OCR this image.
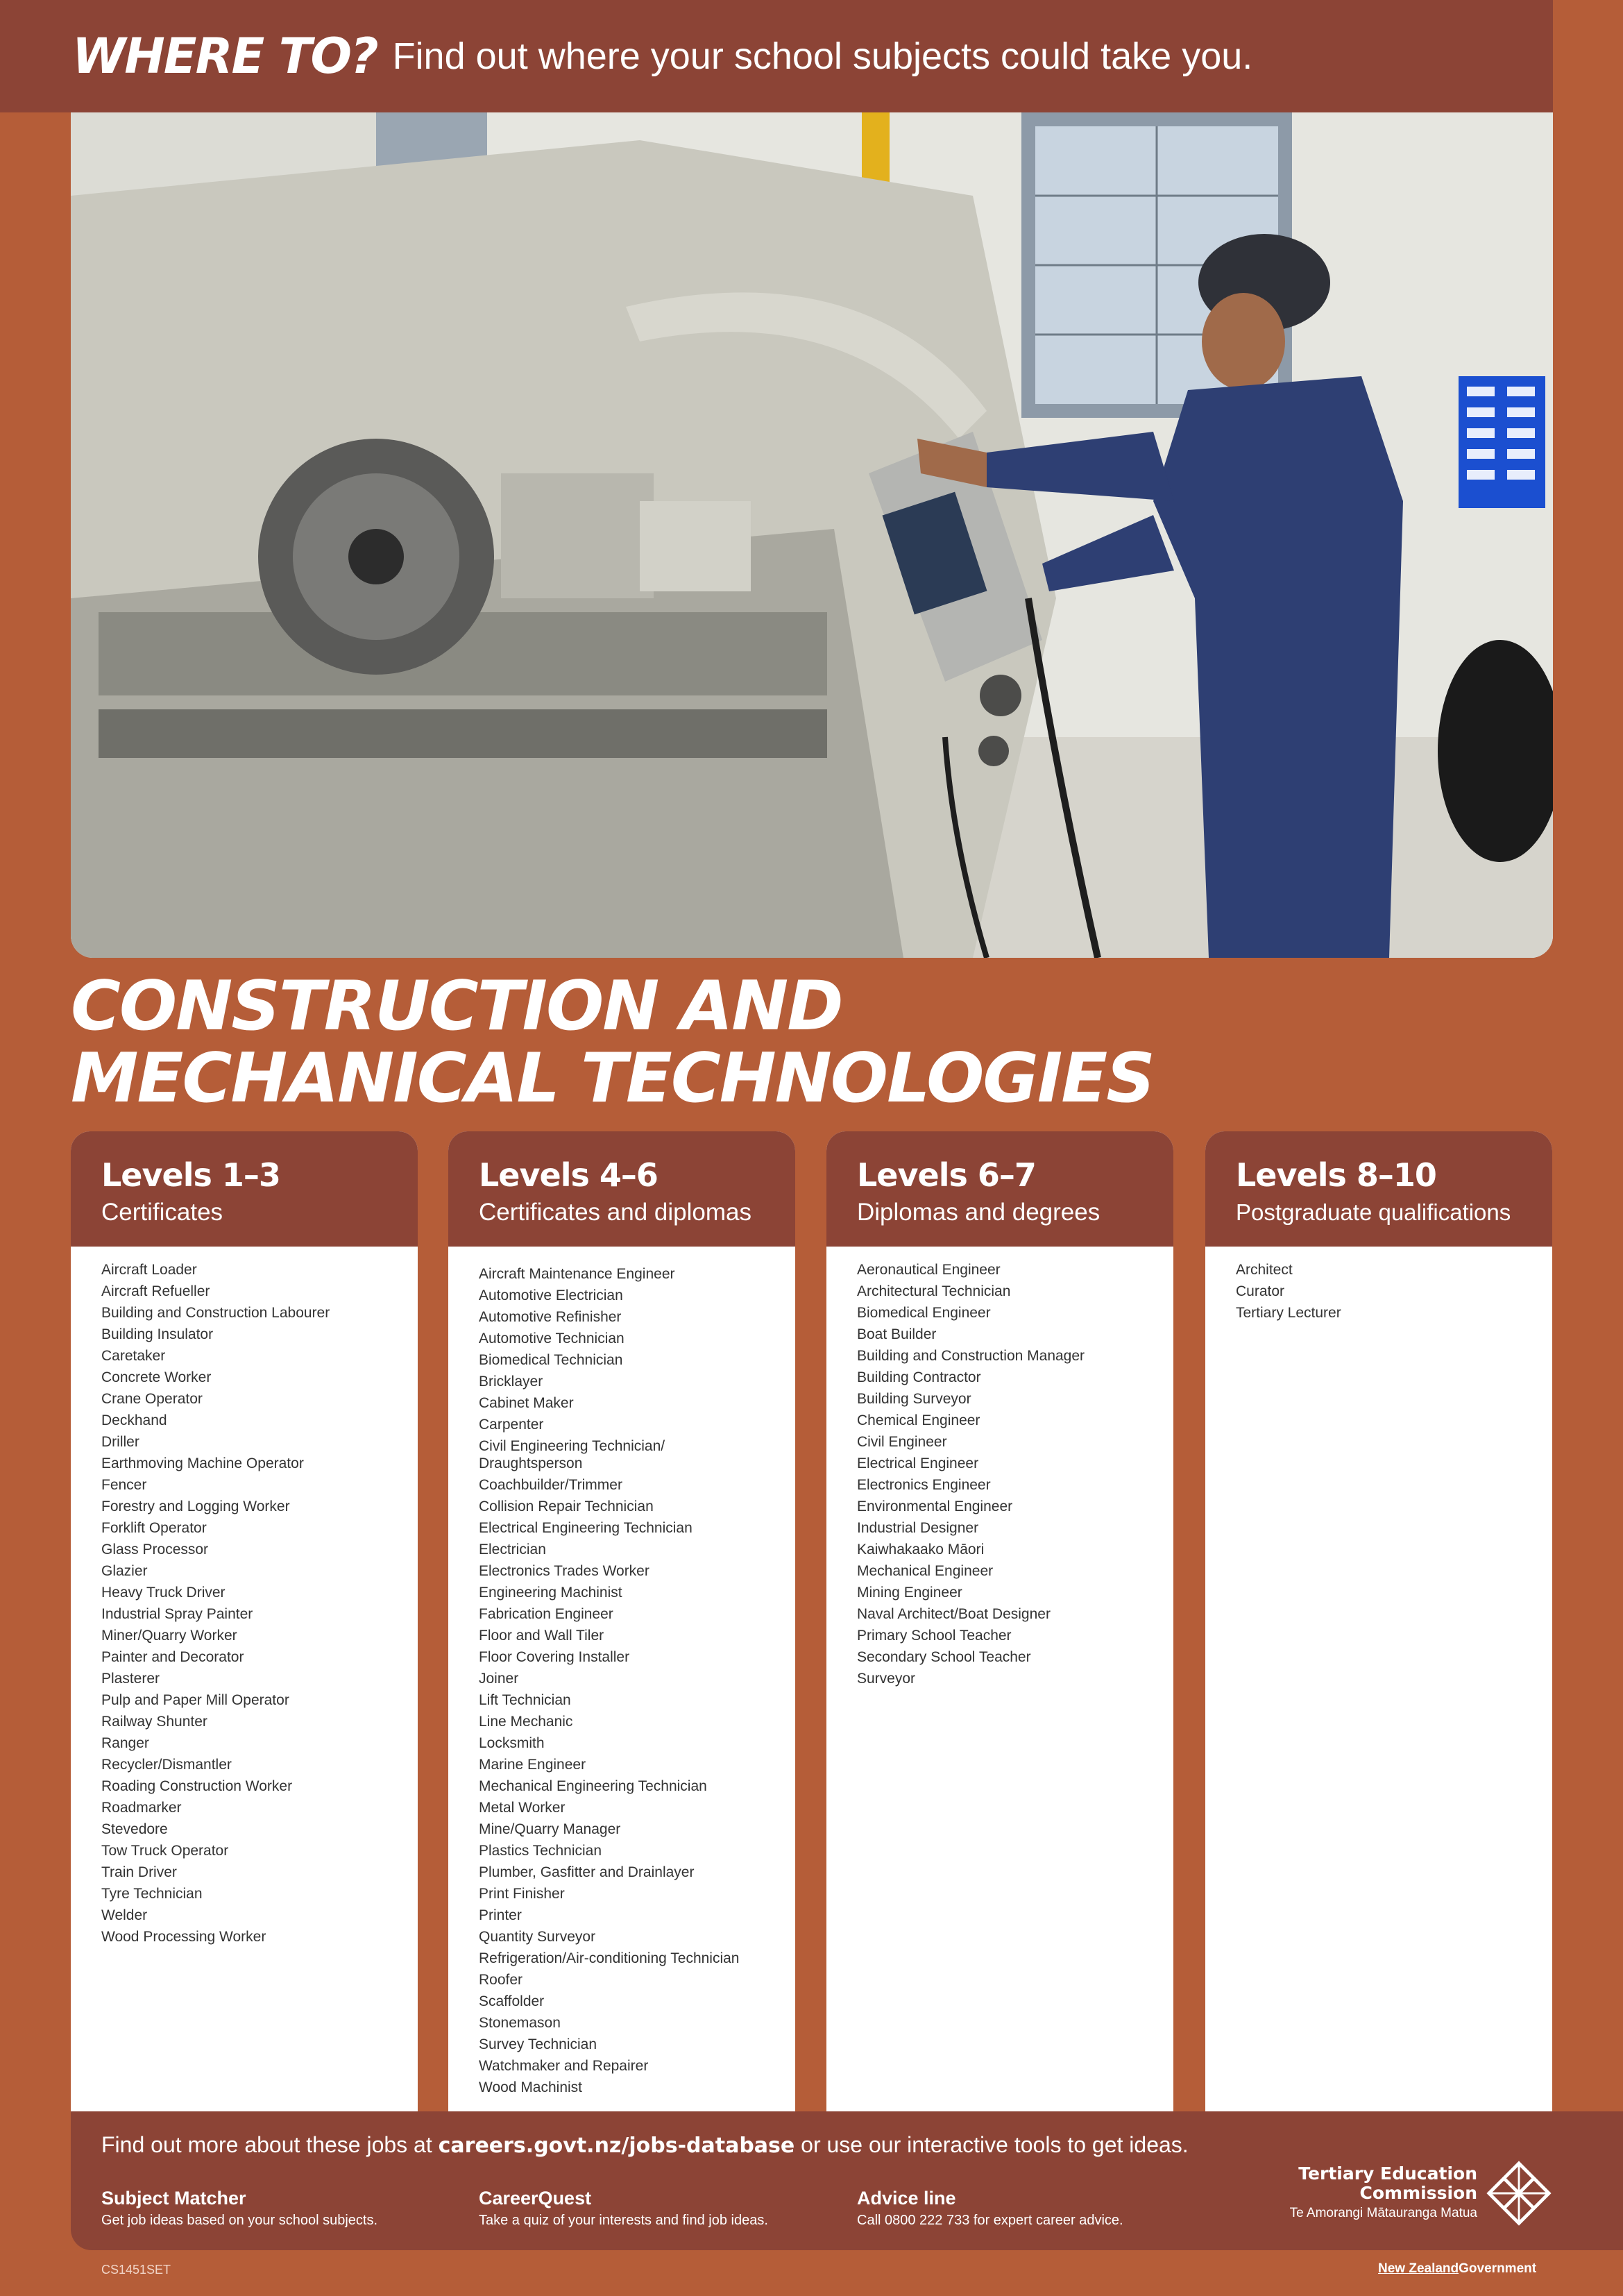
WHERE TO? Find out where your school subjects could take you.
CONSTRUCTION AND
MECHANICAL TECHNOLOGIES
Levels 1–3
Certificates
Aircraft Loader
Aircraft Refueller
Building and Construction Labourer
Building Insulator
Caretaker
Concrete Worker
Crane Operator
Deckhand
Driller
Earthmoving Machine Operator
Fencer
Forestry and Logging Worker
Forklift Operator
Glass Processor
Glazier
Heavy Truck Driver
Industrial Spray Painter
Miner/Quarry Worker
Painter and Decorator
Plasterer
Pulp and Paper Mill Operator
Railway Shunter
Ranger
Recycler/Dismantler
Roading Construction Worker
Roadmarker
Stevedore
Tow Truck Operator
Train Driver
Tyre Technician
Welder
Wood Processing Worker
Levels 4–6
Certificates and diplomas
Aircraft Maintenance Engineer
Automotive Electrician
Automotive Refinisher
Automotive Technician
Biomedical Technician
Bricklayer
Cabinet Maker
Carpenter
Civil Engineering Technician/
Draughtsperson
Coachbuilder/Trimmer
Collision Repair Technician
Electrical Engineering Technician
Electrician
Electronics Trades Worker
Engineering Machinist
Fabrication Engineer
Floor and Wall Tiler
Floor Covering Installer
Joiner
Lift Technician
Line Mechanic
Locksmith
Marine Engineer
Mechanical Engineering Technician
Metal Worker
Mine/Quarry Manager
Plastics Technician
Plumber, Gasfitter and Drainlayer
Print Finisher
Printer
Quantity Surveyor
Refrigeration/Air-conditioning Technician
Roofer
Scaffolder
Stonemason
Survey Technician
Watchmaker and Repairer
Wood Machinist
Levels 6–7
Diplomas and degrees
Aeronautical Engineer
Architectural Technician
Biomedical Engineer
Boat Builder
Building and Construction Manager
Building Contractor
Building Surveyor
Chemical Engineer
Civil Engineer
Electrical Engineer
Electronics Engineer
Environmental Engineer
Industrial Designer
Kaiwhakaako Māori
Mechanical Engineer
Mining Engineer
Naval Architect/Boat Designer
Primary School Teacher
Secondary School Teacher
Surveyor
Levels 8–10
Postgraduate qualifications
Architect
Curator
Tertiary Lecturer
Find out more about these jobs at careers.govt.nz/jobs-database or use our interactive tools to get ideas.
Subject Matcher
Get job ideas based on your school subjects.
CareerQuest
Take a quiz of your interests and find job ideas.
Advice line
Call 0800 222 733 for expert career advice.
Tertiary Education
Commission
Te Amorangi Mātauranga Matua
CS1451SET	New ZealandGovernment
